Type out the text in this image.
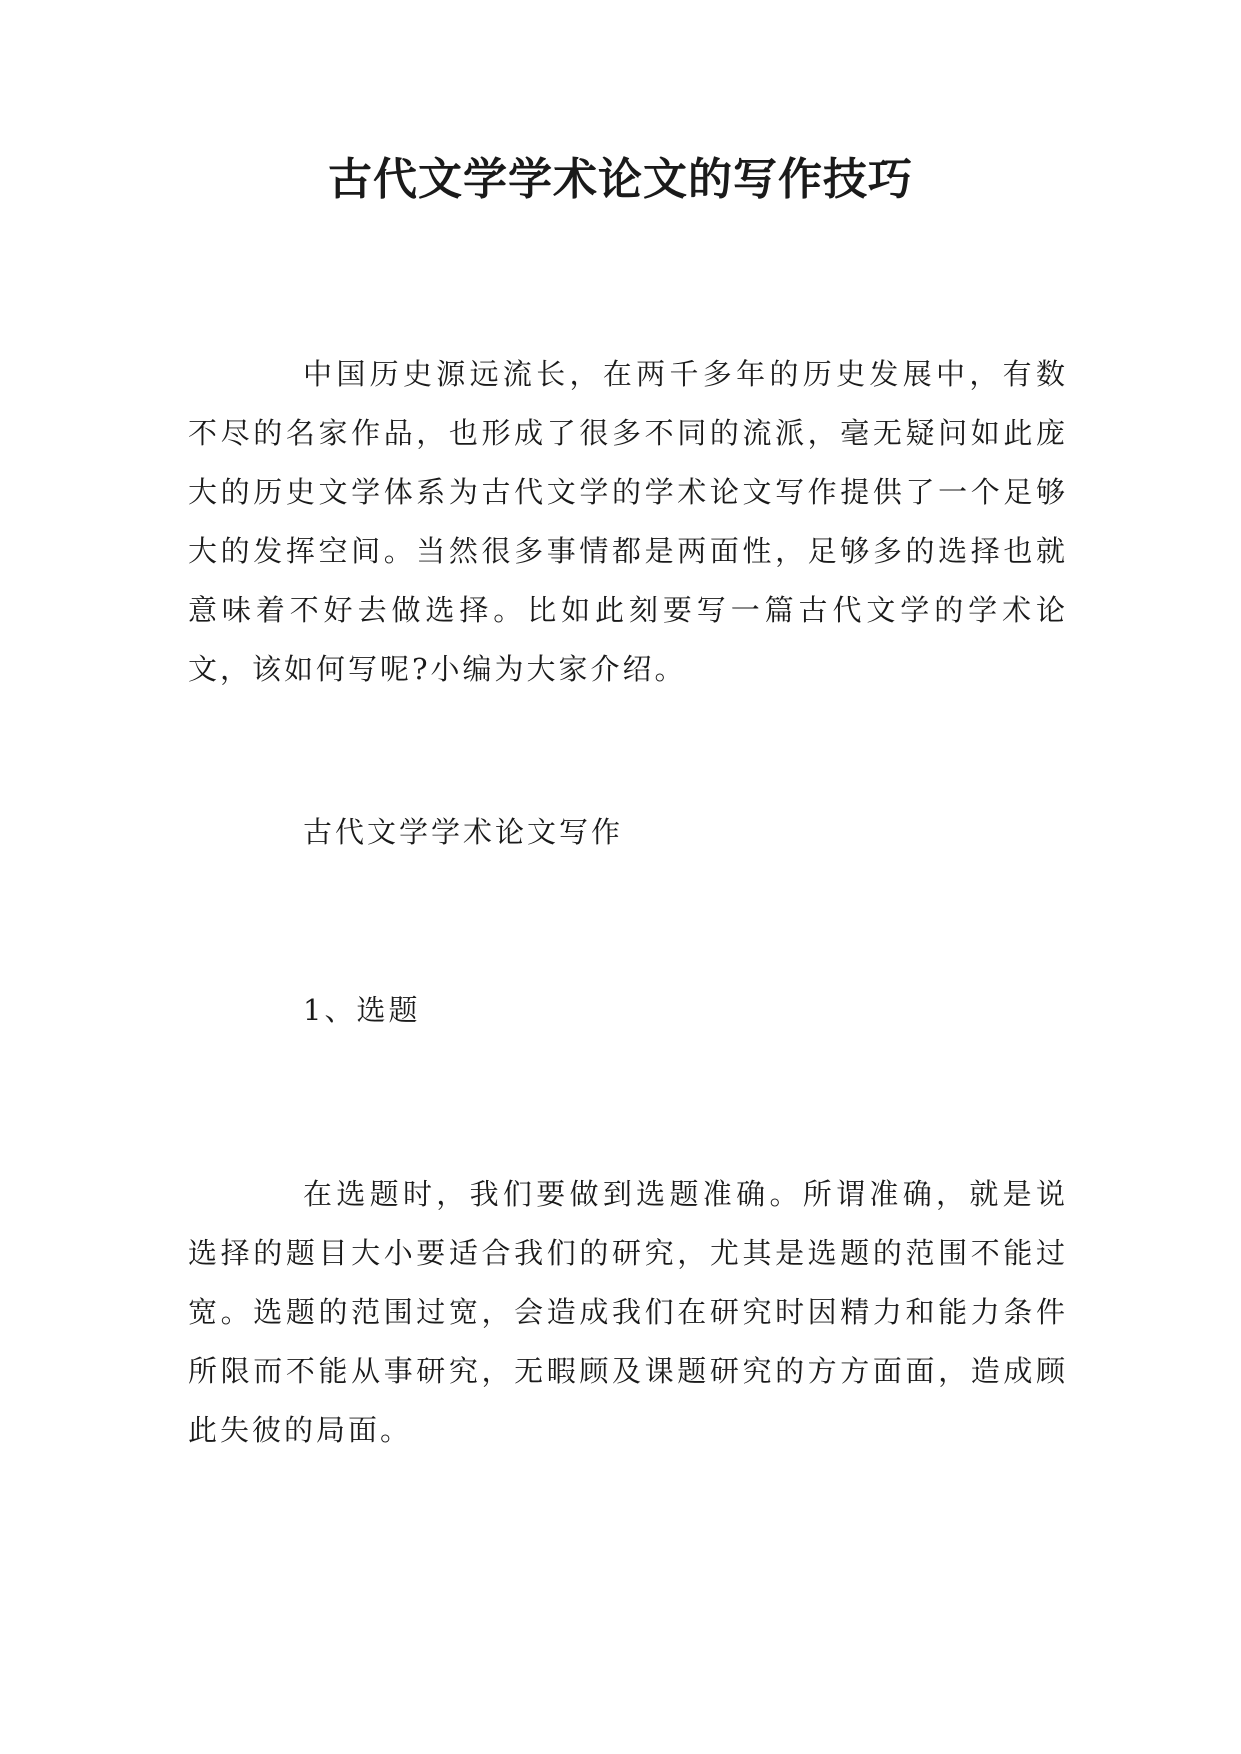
古代文学学术论文的写作技巧

中国历史源远流长，在两千多年的历史发展中，有数不尽的名家作品，也形成了很多不同的流派，毫无疑问如此庞大的历史文学体系为古代文学的学术论文写作提供了一个足够大的发挥空间。当然很多事情都是两面性，足够多的选择也就意味着不好去做选择。比如此刻要写一篇古代文学的学术论文，该如何写呢?小编为大家介绍。

古代文学学术论文写作
1、选题

在选题时，我们要做到选题准确。所谓准确，就是说选择的题目大小要适合我们的研究，尤其是选题的范围不能过宽。选题的范围过宽，会造成我们在研究时因精力和能力条件所限而不能从事研究，无暇顾及课题研究的方方面面，造成顾此失彼的局面。
